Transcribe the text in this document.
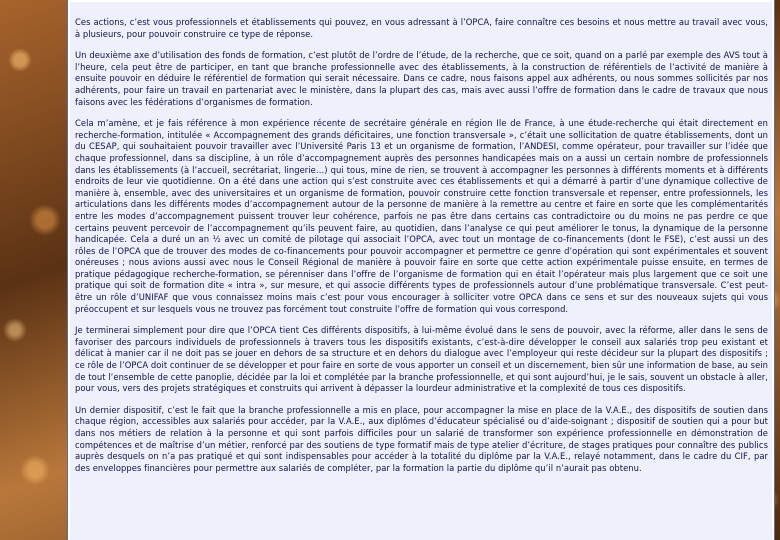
Ces actions, c’est vous professionnels et établissements qui pouvez, en vous adressant à l’OPCA, faire connaître ces besoins et nous mettre au travail avec vous, à plusieurs, pour pouvoir construire ce type de réponse.

Un deuxième axe d’utilisation des fonds de formation, c’est plutôt de l’ordre de l’étude, de la recherche, que ce soit, quand on a parlé par exemple des AVS tout à l’heure, cela peut être de participer, en tant que branche professionnelle avec des établissements, à la construction de référentiels de l’activité de manière à ensuite pouvoir en déduire le référentiel de formation qui serait nécessaire. Dans ce cadre, nous faisons appel aux adhérents, ou nous sommes sollicités par nos adhérents, pour faire un travail en partenariat avec le ministère, dans la plupart des cas, mais avec aussi l’offre de formation dans le cadre de travaux que nous faisons avec les fédérations d’organismes de formation.

Cela m’amène, et je fais référence à mon expérience récente de secrétaire générale en région Ile de France, à une étude-recherche qui était directement en recherche-formation, intitulée « Accompagnement des grands déficitaires, une fonction transversale », c’était une sollicitation de quatre établissements, dont un du CESAP, qui souhaitaient pouvoir travailler avec l’Université Paris 13 et un organisme de formation, l’ANDESI, comme opérateur, pour travailler sur l’idée que chaque professionnel, dans sa discipline, à un rôle d’accompagnement auprès des personnes handicapées mais on a aussi un certain nombre de professionnels dans les établissements (à l’accueil, secrétariat, lingerie…) qui tous, mine de rien, se trouvent à accompagner les personnes à différents moments et à différents endroits de leur vie quotidienne. On a été dans une action qui s’est construite avec ces établissements et qui a démarré à partir d’une dynamique collective de manière à, ensemble, avec des universitaires et un organisme de formation, pouvoir construire cette fonction transversale et repenser, entre professionnels, les articulations dans les différents modes d’accompagnement autour de la personne de manière à la remettre au centre et faire en sorte que les complémentarités entre les modes d’accompagnement puissent trouver leur cohérence, parfois ne pas être dans certains cas contradictoire ou du moins ne pas perdre ce que certains peuvent percevoir de l’accompagnement qu’ils peuvent faire, au quotidien, dans l’analyse ce qui peut améliorer le tonus, la dynamique de la personne handicapée. Cela a duré un an ½ avec un comité de pilotage qui associait l’OPCA, avec tout un montage de co-financements (dont le FSE), c’est aussi un des rôles de l’OPCA que de trouver des modes de co-financements pour pouvoir accompagner et permettre ce genre d’opération qui sont expérimentales et souvent onéreuses ; nous avions aussi avec nous le Conseil Régional de manière à pouvoir faire en sorte que cette action expérimentale puisse ensuite, en termes de pratique pédagogique recherche-formation, se pérenniser dans l’offre de l’organisme de formation qui en était l’opérateur mais plus largement que ce soit une pratique qui soit de formation dite « intra », sur mesure, et qui associe différents types de professionnels autour d’une problématique transversale. C’est peut-être un rôle d’UNIFAF que vous connaissez moins mais c’est pour vous encourager à solliciter votre OPCA dans ce sens et sur des nouveaux sujets qui vous préoccupent et sur lesquels vous ne trouvez pas forcément tout construite l’offre de formation qui vous correspond.

Je terminerai simplement pour dire que l’OPCA tient Ces différents dispositifs, à lui-même évolué dans le sens de pouvoir, avec la réforme, aller dans le sens de favoriser des parcours individuels de professionnels à travers tous les dispositifs existants, c’est-à-dire développer le conseil aux salariés trop peu existant et délicat à manier car il ne doit pas se jouer en dehors de sa structure et en dehors du dialogue avec l’employeur qui reste décideur sur la plupart des dispositifs ; ce rôle de l’OPCA doit continuer de se développer et pour faire en sorte de vous apporter un conseil et un discernement, bien sûr une information de base, au sein de tout l’ensemble de cette panoplie, décidée par la loi et complétée par la branche professionnelle, et qui sont aujourd’hui, je le sais, souvent un obstacle à aller, pour vous, vers des projets stratégiques et construits qui arrivent à dépasser la lourdeur administrative et la complexité de tous ces dispositifs.

Un dernier dispositif, c’est le fait que la branche professionnelle a mis en place, pour accompagner la mise en place de la V.A.E., des dispositifs de soutien dans chaque région, accessibles aux salariés pour accéder, par la V.A.E., aux diplômes d’éducateur spécialisé ou d’aide-soignant ; dispositif de soutien qui a pour but dans nos métiers de relation à la personne et qui sont parfois difficiles pour un salarié de transformer son expérience professionnelle en démonstration de compétences et de maîtrise d’un métier, renforcé par des soutiens de type formatif mais de type atelier d’écriture, de stages pratiques pour connaître des publics auprès desquels on n’a pas pratiqué et qui sont indispensables pour accéder à la totalité du diplôme par la V.A.E., relayé notamment, dans le cadre du CIF, par des enveloppes financières pour permettre aux salariés de compléter, par la formation la partie du diplôme qu’il n’aurait pas obtenu.
